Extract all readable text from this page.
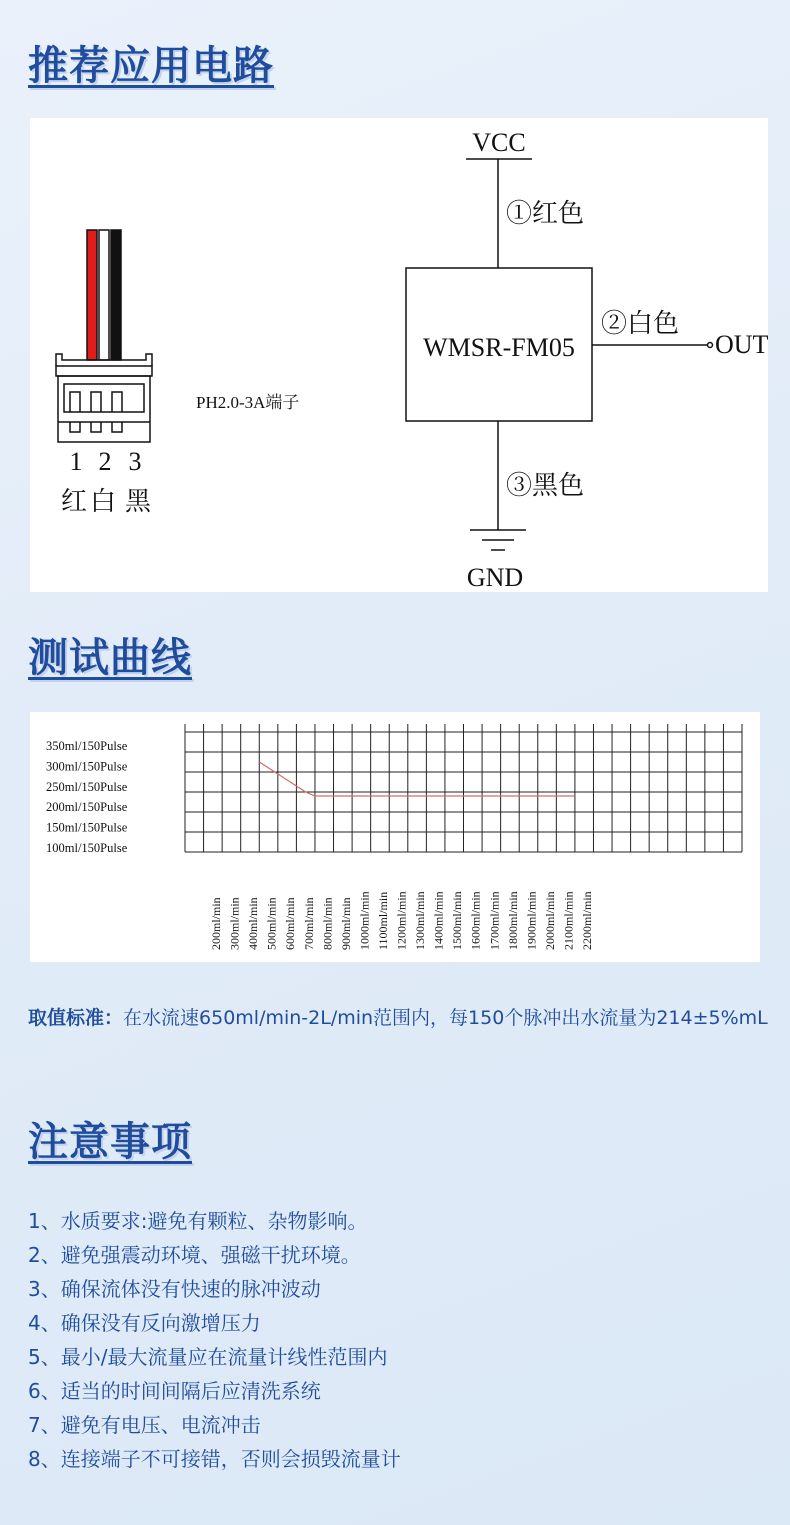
推荐应用电路
1 2 3
红 白 黑
PH2.0-3A端子
VCC
①红色
WMSR-FM05
②白色
OUT
③黑色
GND
测试曲线
350ml/150Pulse
300ml/150Pulse
250ml/150Pulse
200ml/150Pulse
150ml/150Pulse
100ml/150Pulse
200ml/min 300ml/min 400ml/min 500ml/min 600ml/min 700ml/min 800ml/min 900ml/min 1000ml/min 1100ml/min 1200ml/min 1300ml/min 1400ml/min 1500ml/min 1600ml/min 1700ml/min 1800ml/min 1900ml/min 2000ml/min 2100ml/min 2200ml/min
取值标准：在水流速650ml/min-2L/min范围内，每150个脉冲出水流量为214±5%mL
注意事项
1、水质要求:避免有颗粒、杂物影响。
2、避免强震动环境、强磁干扰环境。
3、确保流体没有快速的脉冲波动
4、确保没有反向激增压力
5、最小/最大流量应在流量计线性范围内
6、适当的时间间隔后应清洗系统
7、避免有电压、电流冲击
8、连接端子不可接错，否则会损毁流量计
